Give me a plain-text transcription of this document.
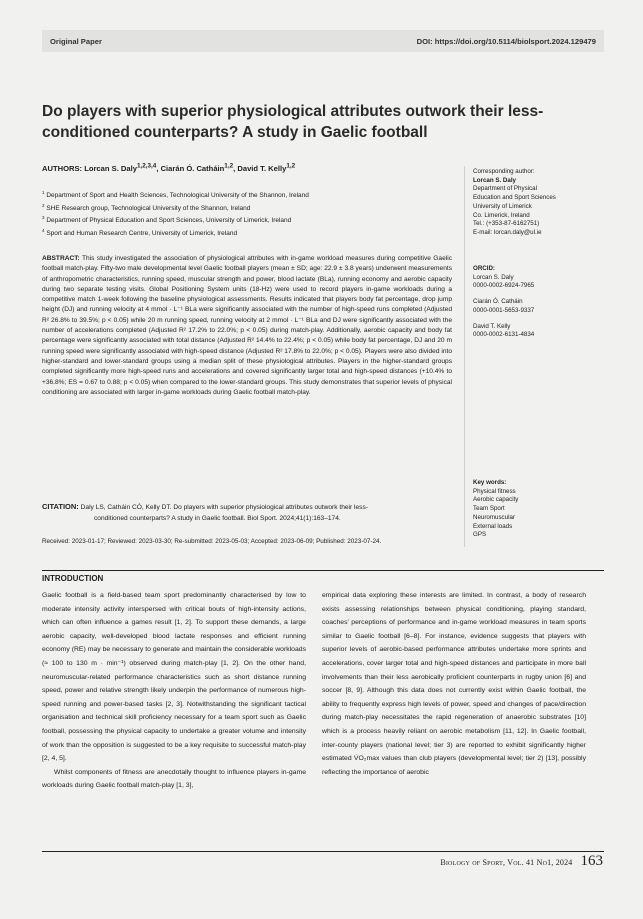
Original Paper	DOI: https://doi.org/10.5114/biolsport.2024.129479
Do players with superior physiological attributes outwork their less-conditioned counterparts? A study in Gaelic football
AUTHORS: Lorcan S. Daly$^{1,2,3,4}$, Ciarán Ó. Catháin$^{1,2}$, David T. Kelly$^{1,2}$
$^1$ Department of Sport and Health Sciences, Technological University of the Shannon, Ireland
$^2$ SHE Research group, Technological University of the Shannon, Ireland
$^3$ Department of Physical Education and Sport Sciences, University of Limerick, Ireland
$^4$ Sport and Human Research Centre, University of Limerick, Ireland

ABSTRACT: This study investigated the association of physiological attributes with in-game workload measures during competitive Gaelic football match-play. Fifty-two male developmental level Gaelic football players (mean ± SD; age: 22.9 ± 3.8 years) underwent measurements of anthropometric characteristics, running speed, muscular strength and power, blood lactate (BLa), running economy and aerobic capacity during two separate testing visits. Global Positioning System units (18-Hz) were used to record players in-game workloads during a competitive match 1-week following the baseline physiological assessments. Results indicated that players body fat percentage, drop jump height (DJ) and running velocity at 4 mmol · L⁻¹ BLa were significantly associated with the number of high-speed runs completed (Adjusted R² 26.8% to 39.5%; p < 0.05) while 20 m running speed, running velocity at 2 mmol · L⁻¹ BLa and DJ were significantly associated with the number of accelerations completed (Adjusted R² 17.2% to 22.0%; p < 0.05) during match-play. Additionally, aerobic capacity and body fat percentage were significantly associated with total distance (Adjusted R² 14.4% to 22.4%; p < 0.05) while body fat percentage, DJ and 20 m running speed were significantly associated with high-speed distance (Adjusted R² 17.8% to 22.0%; p < 0.05). Players were also divided into higher-standard and lower-standard groups using a median split of these physiological attributes. Players in the higher-standard groups completed significantly more high-speed runs and accelerations and covered significantly larger total and high-speed distances (+10.4% to +36.8%; ES = 0.67 to 0.88; p < 0.05) when compared to the lower-standard groups. This study demonstrates that superior levels of physical conditioning are associated with larger in-game workloads during Gaelic football match-play.

CITATION: Daly LS, Catháin CÓ, Kelly DT. Do players with superior physiological attributes outwork their less-
conditioned counterparts? A study in Gaelic football. Biol Sport. 2024;41(1):163–174.
Received: 2023-01-17; Reviewed: 2023-03-30; Re-submitted: 2023-05-03; Accepted: 2023-06-09; Published: 2023-07-24.
Corresponding author:
Lorcan S. Daly
Department of Physical
Education and Sport Sciences
University of Limerick
Co. Limerick, Ireland
Tel.: (+353-87-6162751)
E-mail: lorcan.daly@ul.ie
ORCID:
Lorcan S. Daly
0000-0002-6924-7965
Ciarán Ó. Catháin
0000-0001-5653-9337
David T. Kelly
0000-0002-6131-4834
Key words:
Physical fitness
Aerobic capacity
Team Sport
Neuromuscular
External loads
GPS
INTRODUCTION

Gaelic football is a field-based team sport predominantly characterised by low to moderate intensity activity interspersed with critical bouts of high-intensity actions, which can often influence a games result [1, 2]. To support these demands, a large aerobic capacity, well-developed blood lactate responses and efficient running economy (RE) may be necessary to generate and maintain the considerable workloads (≈ 100 to 130 m · min⁻¹) observed during match-play [1, 2]. On the other hand, neuromuscular-related performance characteristics such as short distance running speed, power and relative strength likely underpin the performance of numerous high-speed running and power-based tasks [2, 3]. Notwithstanding the significant tactical organisation and technical skill proficiency necessary for a team sport such as Gaelic football, possessing the physical capacity to undertake a greater volume and intensity of work than the opposition is suggested to be a key requisite to successful match-play [2, 4, 5].

Whilst components of fitness are anecdotally thought to influence players in-game workloads during Gaelic football match-play [1, 3],

empirical data exploring these interests are limited. In contrast, a body of research exists assessing relationships between physical conditioning, playing standard, coaches' perceptions of performance and in-game workload measures in team sports similar to Gaelic football [6–8]. For instance, evidence suggests that players with superior levels of aerobic-based performance attributes undertake more sprints and accelerations, cover larger total and high-speed distances and participate in more ball involvements than their less aerobically proficient counterparts in rugby union [6] and soccer [8, 9]. Although this data does not currently exist within Gaelic football, the ability to frequently express high levels of power, speed and changes of pace/direction during match-play necessitates the rapid regeneration of anaerobic substrates [10] which is a process heavily reliant on aerobic metabolism [11, 12]. In Gaelic football, inter-county players (national level; tier 3) are reported to exhibit significantly higher estimated V̇O₂max values than club players (developmental level; tier 2) [13], possibly reflecting the importance of aerobic

Biology of Sport, Vol. 41 No1, 2024 163
